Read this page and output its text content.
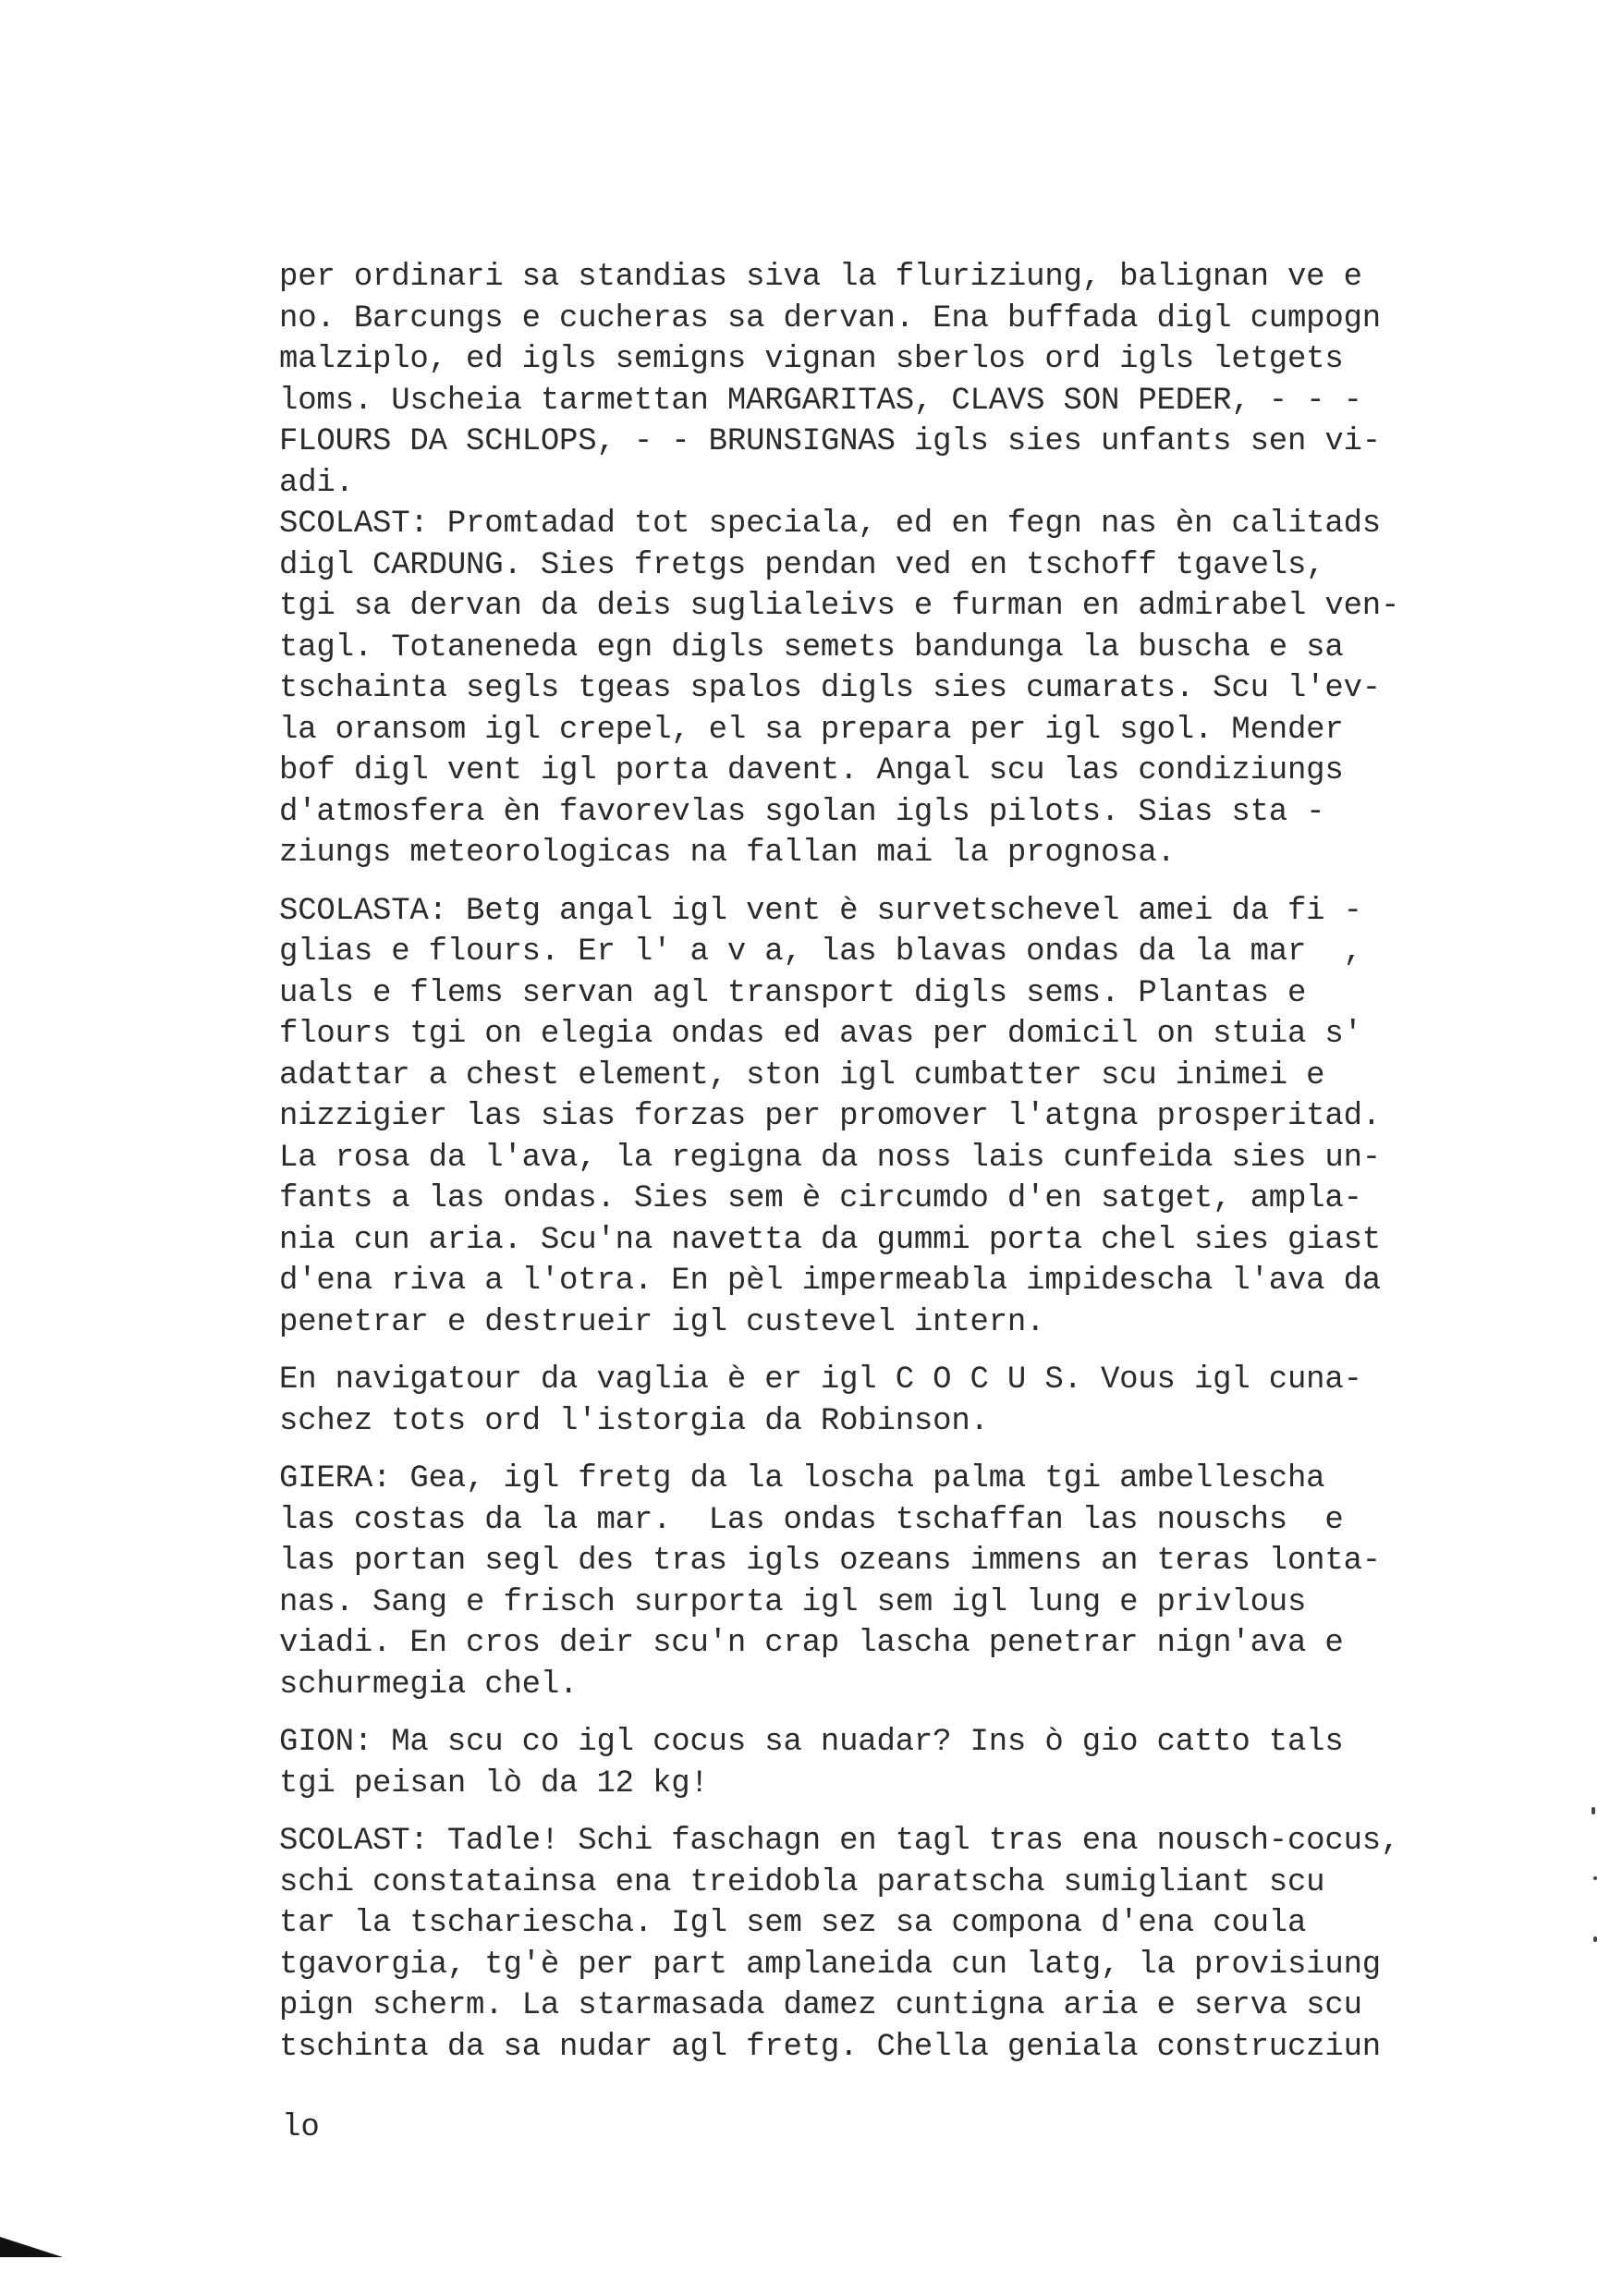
per ordinari sa standias siva la fluriziung, balignan ve e
no. Barcungs e cucheras sa dervan. Ena buffada digl cumpogn
malziplo, ed igls semigns vignan sberlos ord igls letgets
loms. Uscheia tarmettan MARGARITAS, CLAVS SON PEDER, - - -
FLOURS DA SCHLOPS, - - BRUNSIGNAS igls sies unfants sen vi-
adi.
SCOLAST: Promtadad tot speciala, ed en fegn nas èn calitads
digl CARDUNG. Sies fretgs pendan ved en tschoff tgavels,
tgi sa dervan da deis suglialeivs e furman en admirabel ven-
tagl. Totaneneda egn digls semets bandunga la buscha e sa
tschainta segls tgeas spalos digls sies cumarats. Scu l'ev-
la oransom igl crepel, el sa prepara per igl sgol. Mender
bof digl vent igl porta davent. Angal scu las condiziungs
d'atmosfera èn favorevlas sgolan igls pilots. Sias sta -
ziungs meteorologicas na fallan mai la prognosa.
SCOLASTA: Betg angal igl vent è survetschevel amei da fi -
glias e flours. Er l' a v a, las blavas ondas da la mar  ,
uals e flems servan agl transport digls sems. Plantas e
flours tgi on elegia ondas ed avas per domicil on stuia s'
adattar a chest element, ston igl cumbatter scu inimei e
nizzigier las sias forzas per promover l'atgna prosperitad.
La rosa da l'ava, la regigna da noss lais cunfeida sies un-
fants a las ondas. Sies sem è circumdo d'en satget, ampla-
nia cun aria. Scu'na navetta da gummi porta chel sies giast
d'ena riva a l'otra. En pèl impermeabla impidescha l'ava da
penetrar e destrueir igl custevel intern.
En navigatour da vaglia è er igl C O C U S. Vous igl cuna-
schez tots ord l'istorgia da Robinson.
GIERA: Gea, igl fretg da la loscha palma tgi ambellescha
las costas da la mar.  Las ondas tschaffan las nouschs  e
las portan segl des tras igls ozeans immens an teras lonta-
nas. Sang e frisch surporta igl sem igl lung e privlous
viadi. En cros deir scu'n crap lascha penetrar nign'ava e
schurmegia chel.
GION: Ma scu co igl cocus sa nuadar? Ins ò gio catto tals
tgi peisan lò da 12 kg!
SCOLAST: Tadle! Schi faschagn en tagl tras ena nousch-cocus,
schi constatainsa ena treidobla paratscha sumigliant scu
tar la tschariescha. Igl sem sez sa compona d'ena coula
tgavorgia, tg'è per part amplaneida cun latg, la provisiung
pign scherm. La starmasada damez cuntigna aria e serva scu
tschinta da sa nudar agl fretg. Chella geniala construcziun
lo
